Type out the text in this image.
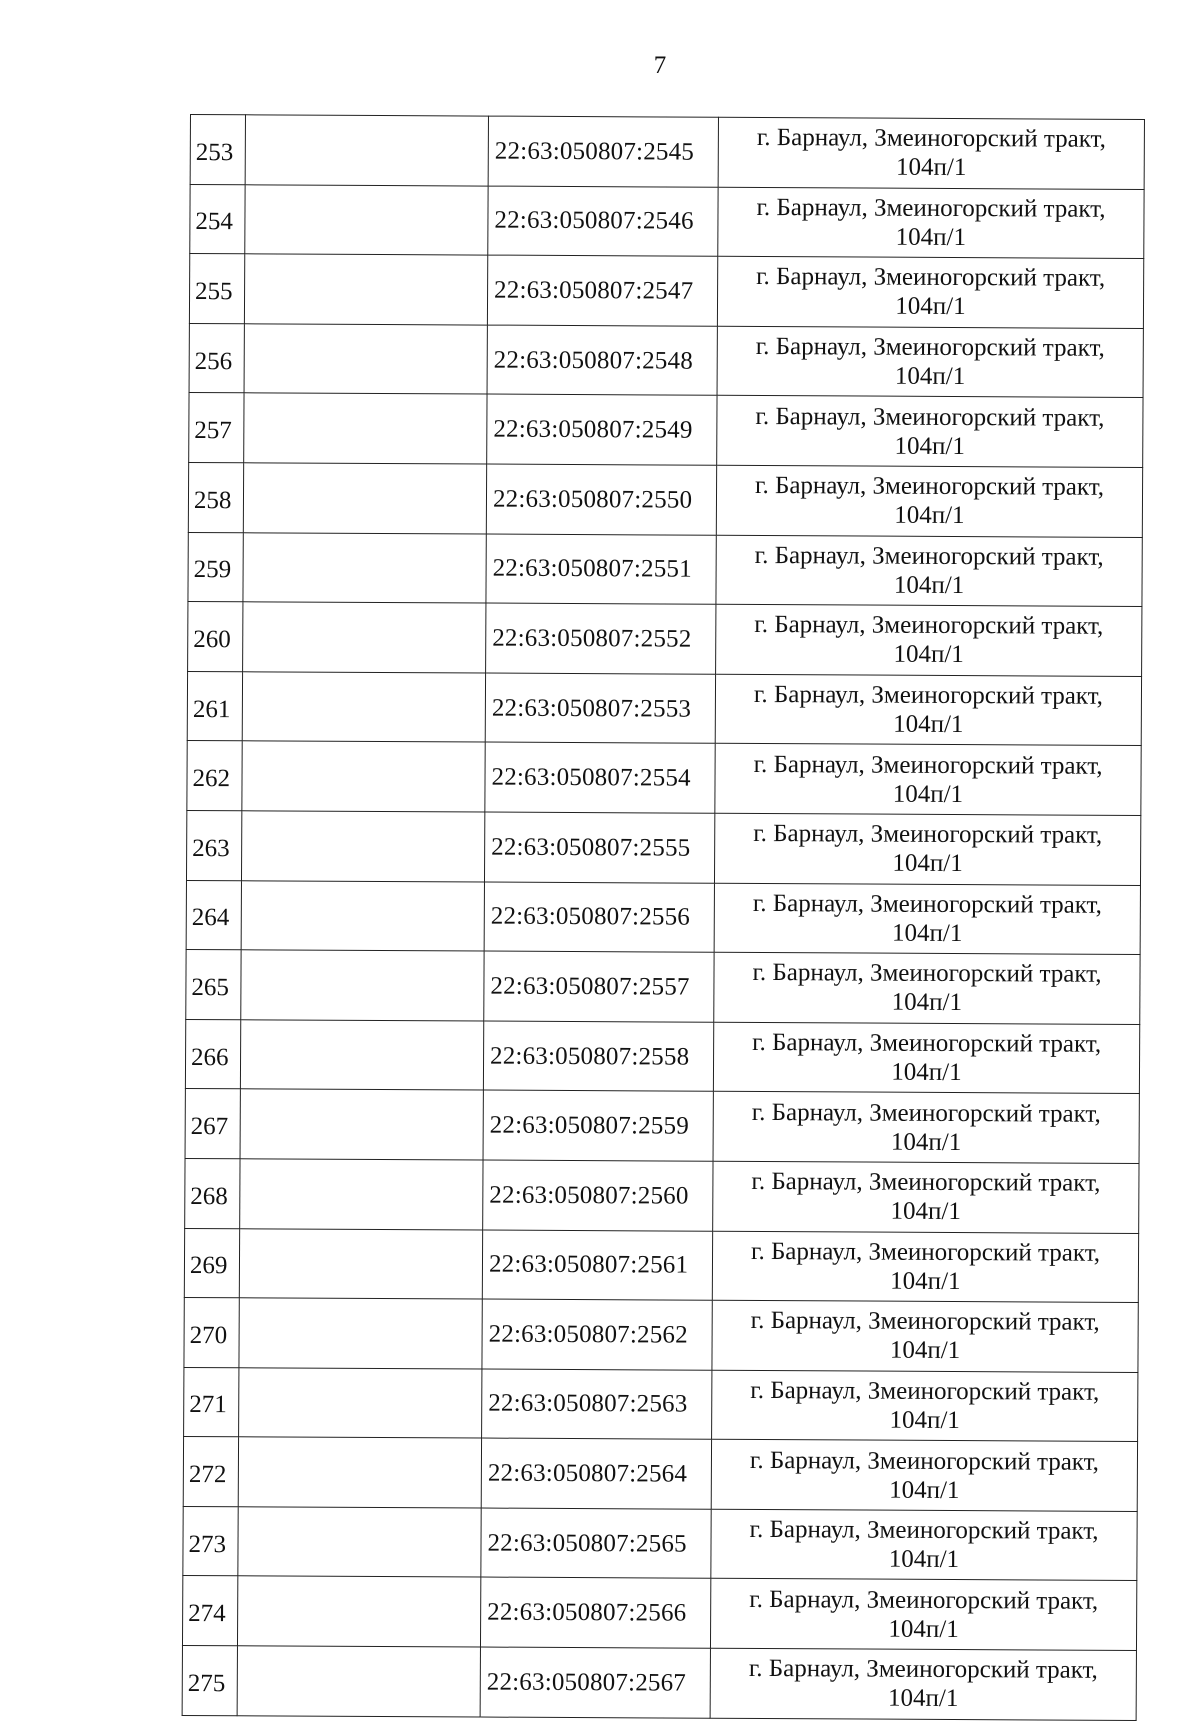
7
253		22:63:050807:2545	г. Барнаул, Змеиногорский тракт,
104п/1

254		22:63:050807:2546	г. Барнаул, Змеиногорский тракт,
104п/1

255		22:63:050807:2547	г. Барнаул, Змеиногорский тракт,
104п/1

256		22:63:050807:2548	г. Барнаул, Змеиногорский тракт,
104п/1

257		22:63:050807:2549	г. Барнаул, Змеиногорский тракт,
104п/1

258		22:63:050807:2550	г. Барнаул, Змеиногорский тракт,
104п/1

259		22:63:050807:2551	г. Барнаул, Змеиногорский тракт,
104п/1

260		22:63:050807:2552	г. Барнаул, Змеиногорский тракт,
104п/1

261		22:63:050807:2553	г. Барнаул, Змеиногорский тракт,
104п/1

262		22:63:050807:2554	г. Барнаул, Змеиногорский тракт,
104п/1

263		22:63:050807:2555	г. Барнаул, Змеиногорский тракт,
104п/1

264		22:63:050807:2556	г. Барнаул, Змеиногорский тракт,
104п/1

265		22:63:050807:2557	г. Барнаул, Змеиногорский тракт,
104п/1

266		22:63:050807:2558	г. Барнаул, Змеиногорский тракт,
104п/1

267		22:63:050807:2559	г. Барнаул, Змеиногорский тракт,
104п/1

268		22:63:050807:2560	г. Барнаул, Змеиногорский тракт,
104п/1

269		22:63:050807:2561	г. Барнаул, Змеиногорский тракт,
104п/1

270		22:63:050807:2562	г. Барнаул, Змеиногорский тракт,
104п/1

271		22:63:050807:2563	г. Барнаул, Змеиногорский тракт,
104п/1

272		22:63:050807:2564	г. Барнаул, Змеиногорский тракт,
104п/1

273		22:63:050807:2565	г. Барнаул, Змеиногорский тракт,
104п/1

274		22:63:050807:2566	г. Барнаул, Змеиногорский тракт,
104п/1

275		22:63:050807:2567	г. Барнаул, Змеиногорский тракт,
104п/1
